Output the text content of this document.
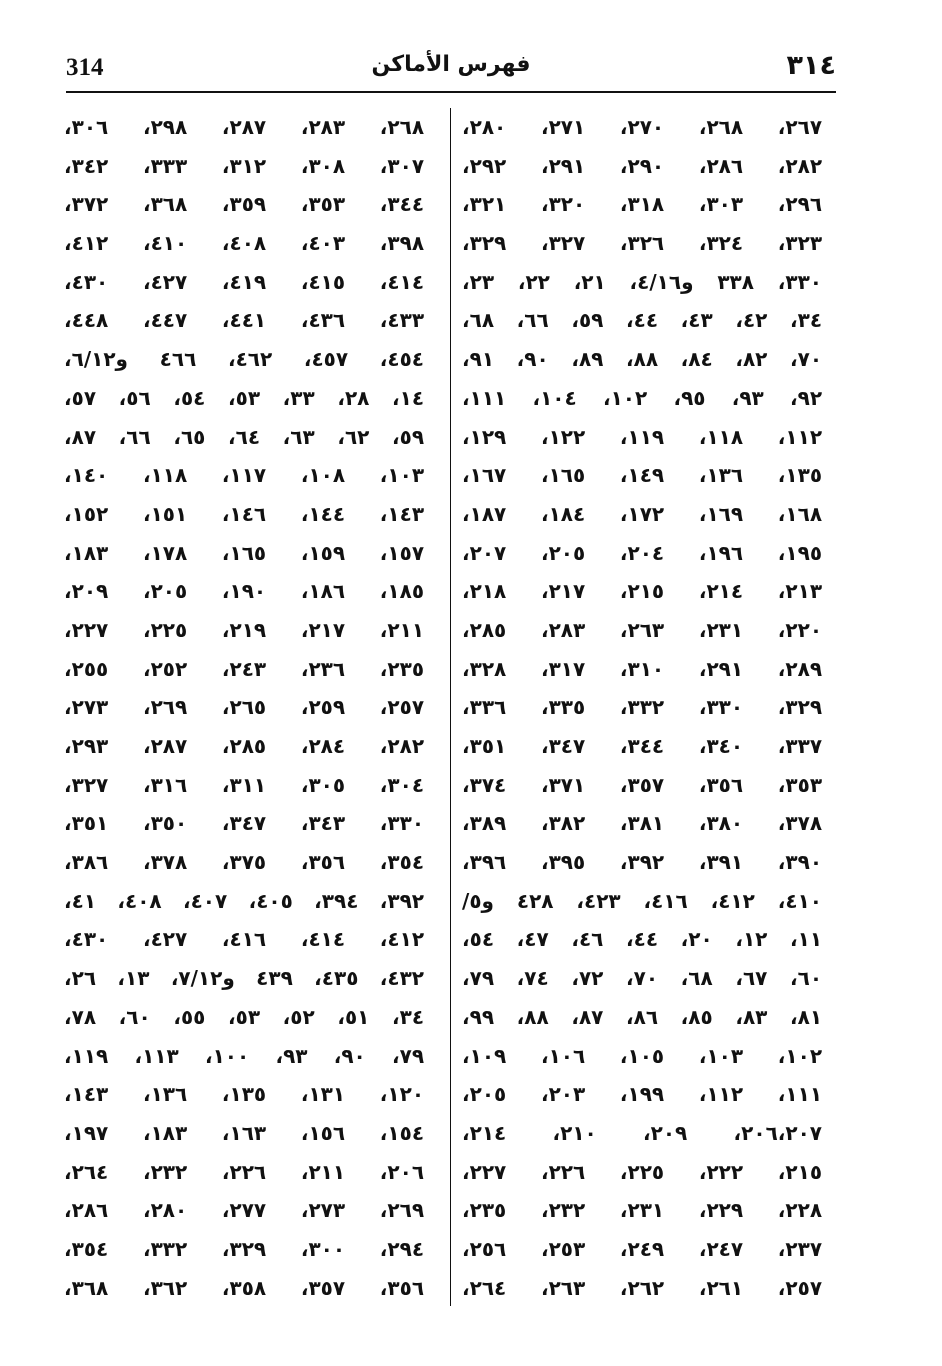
314	فهرس الأماكن	٣١٤
٢٦٧، ٢٦٨، ٢٧٠، ٢٧١، ٢٨٠،
٢٨٢، ٢٨٦، ٢٩٠، ٢٩١، ٢٩٢،
٢٩٦، ٣٠٣، ٣١٨، ٣٢٠، ٣٢١،
٣٢٣، ٣٢٤، ٣٢٦، ٣٢٧، ٣٢٩،
٣٣٠، ٣٣٨ و٤/١٦، ٢١، ٢٢، ٢٣،
٣٤، ٤٢، ٤٣، ٤٤، ٥٩، ٦٦، ٦٨،
٧٠، ٨٢، ٨٤، ٨٨، ٨٩، ٩٠، ٩١،
٩٢، ٩٣، ٩٥، ١٠٢، ١٠٤، ١١١،
١١٢، ١١٨، ١١٩، ١٢٢، ١٢٩،
١٣٥، ١٣٦، ١٤٩، ١٦٥، ١٦٧،
١٦٨، ١٦٩، ١٧٢، ١٨٤، ١٨٧،
١٩٥، ١٩٦، ٢٠٤، ٢٠٥، ٢٠٧،
٢١٣، ٢١٤، ٢١٥، ٢١٧، ٢١٨،
٢٢٠، ٢٣١، ٢٦٣، ٢٨٣، ٢٨٥،
٢٨٩، ٢٩١، ٣١٠، ٣١٧، ٣٢٨،
٣٢٩، ٣٣٠، ٣٣٢، ٣٣٥، ٣٣٦،
٣٣٧، ٣٤٠، ٣٤٤، ٣٤٧، ٣٥١،
٣٥٣، ٣٥٦، ٣٥٧، ٣٧١، ٣٧٤،
٣٧٨، ٣٨٠، ٣٨١، ٣٨٢، ٣٨٩،
٣٩٠، ٣٩١، ٣٩٢، ٣٩٥، ٣٩٦،
٤١٠، ٤١٢، ٤١٦، ٤٢٣، ٤٢٨ و٥/
١١، ١٢، ٢٠، ٤٤، ٤٦، ٤٧، ٥٤،
٦٠، ٦٧، ٦٨، ٧٠، ٧٢، ٧٤، ٧٩،
٨١، ٨٣، ٨٥، ٨٦، ٨٧، ٨٨، ٩٩،
١٠٢، ١٠٣، ١٠٥، ١٠٦، ١٠٩،
١١١، ١١٢، ١٩٩، ٢٠٣، ٢٠٥،
٢٠٦،٢٠٧، ٢٠٩، ٢١٠، ٢١٤،
٢١٥، ٢٢٢، ٢٢٥، ٢٢٦، ٢٢٧،
٢٢٨، ٢٢٩، ٢٣١، ٢٣٢، ٢٣٥،
٢٣٧، ٢٤٧، ٢٤٩، ٢٥٣، ٢٥٦،
٢٥٧، ٢٦١، ٢٦٢، ٢٦٣، ٢٦٤،
٢٦٨، ٢٨٣، ٢٨٧، ٢٩٨، ٣٠٦،
٣٠٧، ٣٠٨، ٣١٢، ٣٣٣، ٣٤٢،
٣٤٤، ٣٥٣، ٣٥٩، ٣٦٨، ٣٧٢،
٣٩٨، ٤٠٣، ٤٠٨، ٤١٠، ٤١٢،
٤١٤، ٤١٥، ٤١٩، ٤٢٧، ٤٣٠،
٤٣٣، ٤٣٦، ٤٤١، ٤٤٧، ٤٤٨،
٤٥٤، ٤٥٧، ٤٦٢، ٤٦٦ و٦/١٢،
١٤، ٢٨، ٣٣، ٥٣، ٥٤، ٥٦، ٥٧،
٥٩، ٦٢، ٦٣، ٦٤، ٦٥، ٦٦، ٨٧،
١٠٣، ١٠٨، ١١٧، ١١٨، ١٤٠،
١٤٣، ١٤٤، ١٤٦، ١٥١، ١٥٢،
١٥٧، ١٥٩، ١٦٥، ١٧٨، ١٨٣،
١٨٥، ١٨٦، ١٩٠، ٢٠٥، ٢٠٩،
٢١١، ٢١٧، ٢١٩، ٢٢٥، ٢٢٧،
٢٣٥، ٢٣٦، ٢٤٣، ٢٥٢، ٢٥٥،
٢٥٧، ٢٥٩، ٢٦٥، ٢٦٩، ٢٧٣،
٢٨٢، ٢٨٤، ٢٨٥، ٢٨٧، ٢٩٣،
٣٠٤، ٣٠٥، ٣١١، ٣١٦، ٣٢٧،
٣٣٠، ٣٤٣، ٣٤٧، ٣٥٠، ٣٥١،
٣٥٤، ٣٥٦، ٣٧٥، ٣٧٨، ٣٨٦،
٣٩٢، ٣٩٤، ٤٠٥، ٤٠٧، ٤٠٨، ٤١،
٤١٢، ٤١٤، ٤١٦، ٤٢٧، ٤٣٠،
٤٣٢، ٤٣٥، ٤٣٩ و٧/١٢، ١٣، ٢٦،
٣٤، ٥١، ٥٢، ٥٣، ٥٥، ٦٠، ٧٨،
٧٩، ٩٠، ٩٣، ١٠٠، ١١٣، ١١٩،
١٢٠، ١٣١، ١٣٥، ١٣٦، ١٤٣،
١٥٤، ١٥٦، ١٦٣، ١٨٣، ١٩٧،
٢٠٦، ٢١١، ٢٢٦، ٢٣٢، ٢٦٤،
٢٦٩، ٢٧٣، ٢٧٧، ٢٨٠، ٢٨٦،
٢٩٤، ٣٠٠، ٣٢٩، ٣٣٢، ٣٥٤،
٣٥٦، ٣٥٧، ٣٥٨، ٣٦٢، ٣٦٨،
